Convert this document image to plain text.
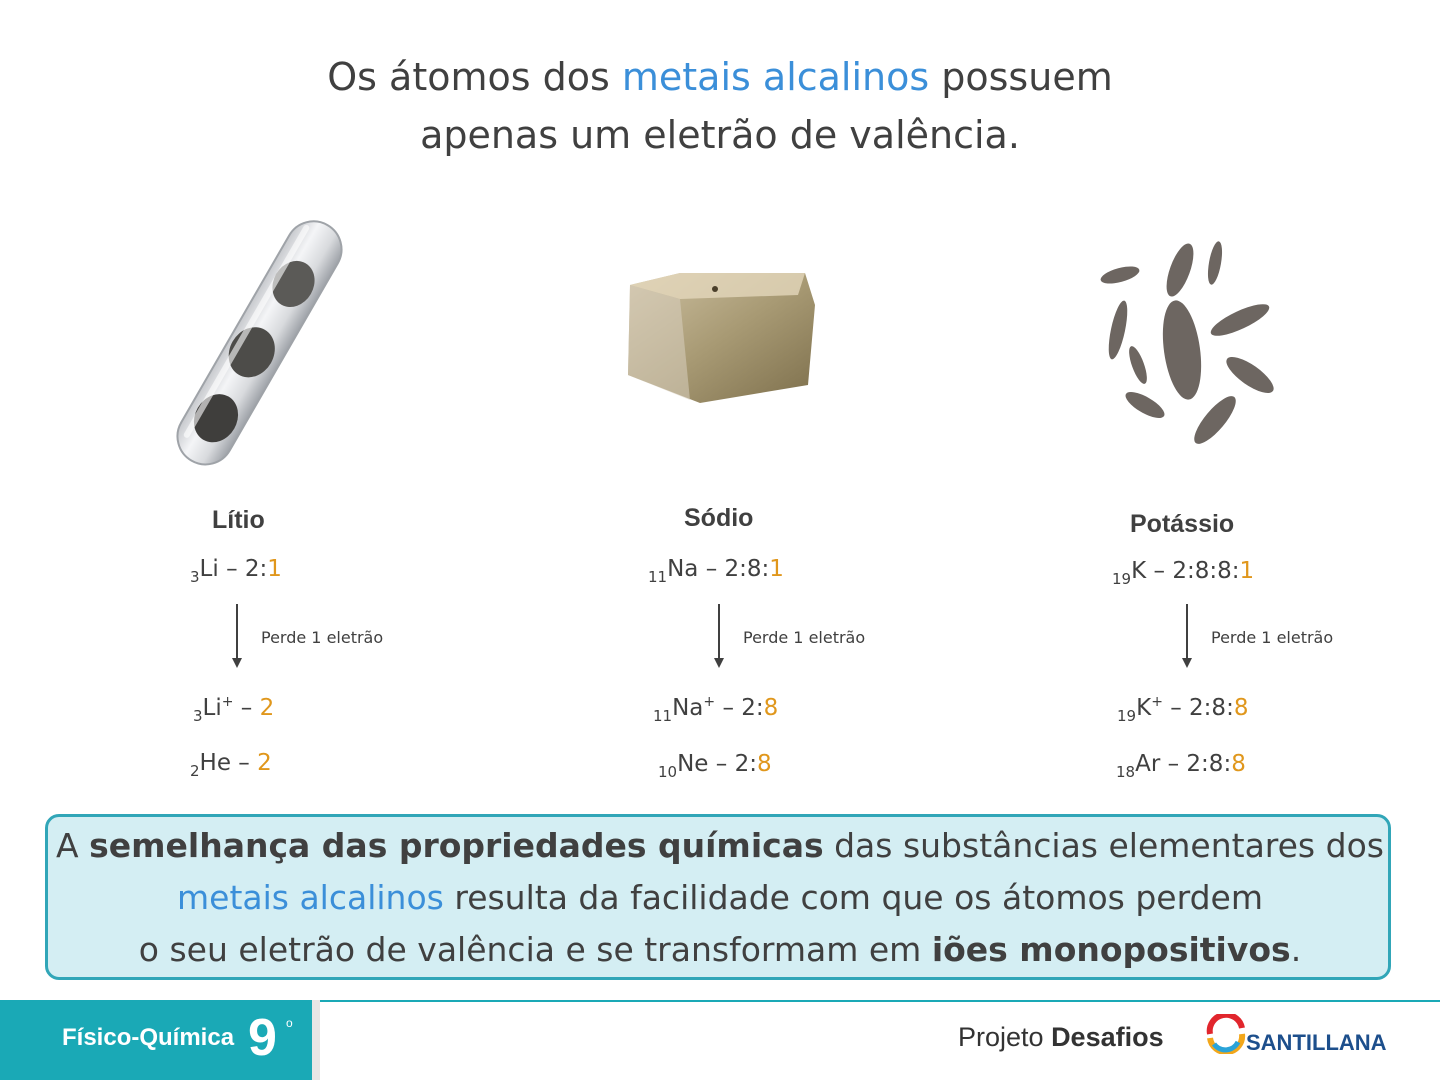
Os átomos dos metais alcalinos possuem
apenas um eletrão de valência.
Lítio	Sódio	Potássio
$_3$Li – 2:1	$_{11}$Na – 2:8:1	$_{19}$K – 2:8:8:1
Perde 1 eletrão	Perde 1 eletrão	Perde 1 eletrão
$_3$Li+ – 2	$_{11}$Na+ – 2:8	$_{19}$K+ – 2:8:8
$_2$He – 2	$_{10}$Ne – 2:8	$_{18}$Ar – 2:8:8
A semelhança das propriedades químicas das substâncias elementares dos
metais alcalinos resulta da facilidade com que os átomos perdem
o seu eletrão de valência e se transformam em iões monopositivos.
Físico-Química 9 o	Projeto Desafios	SANTILLANA
